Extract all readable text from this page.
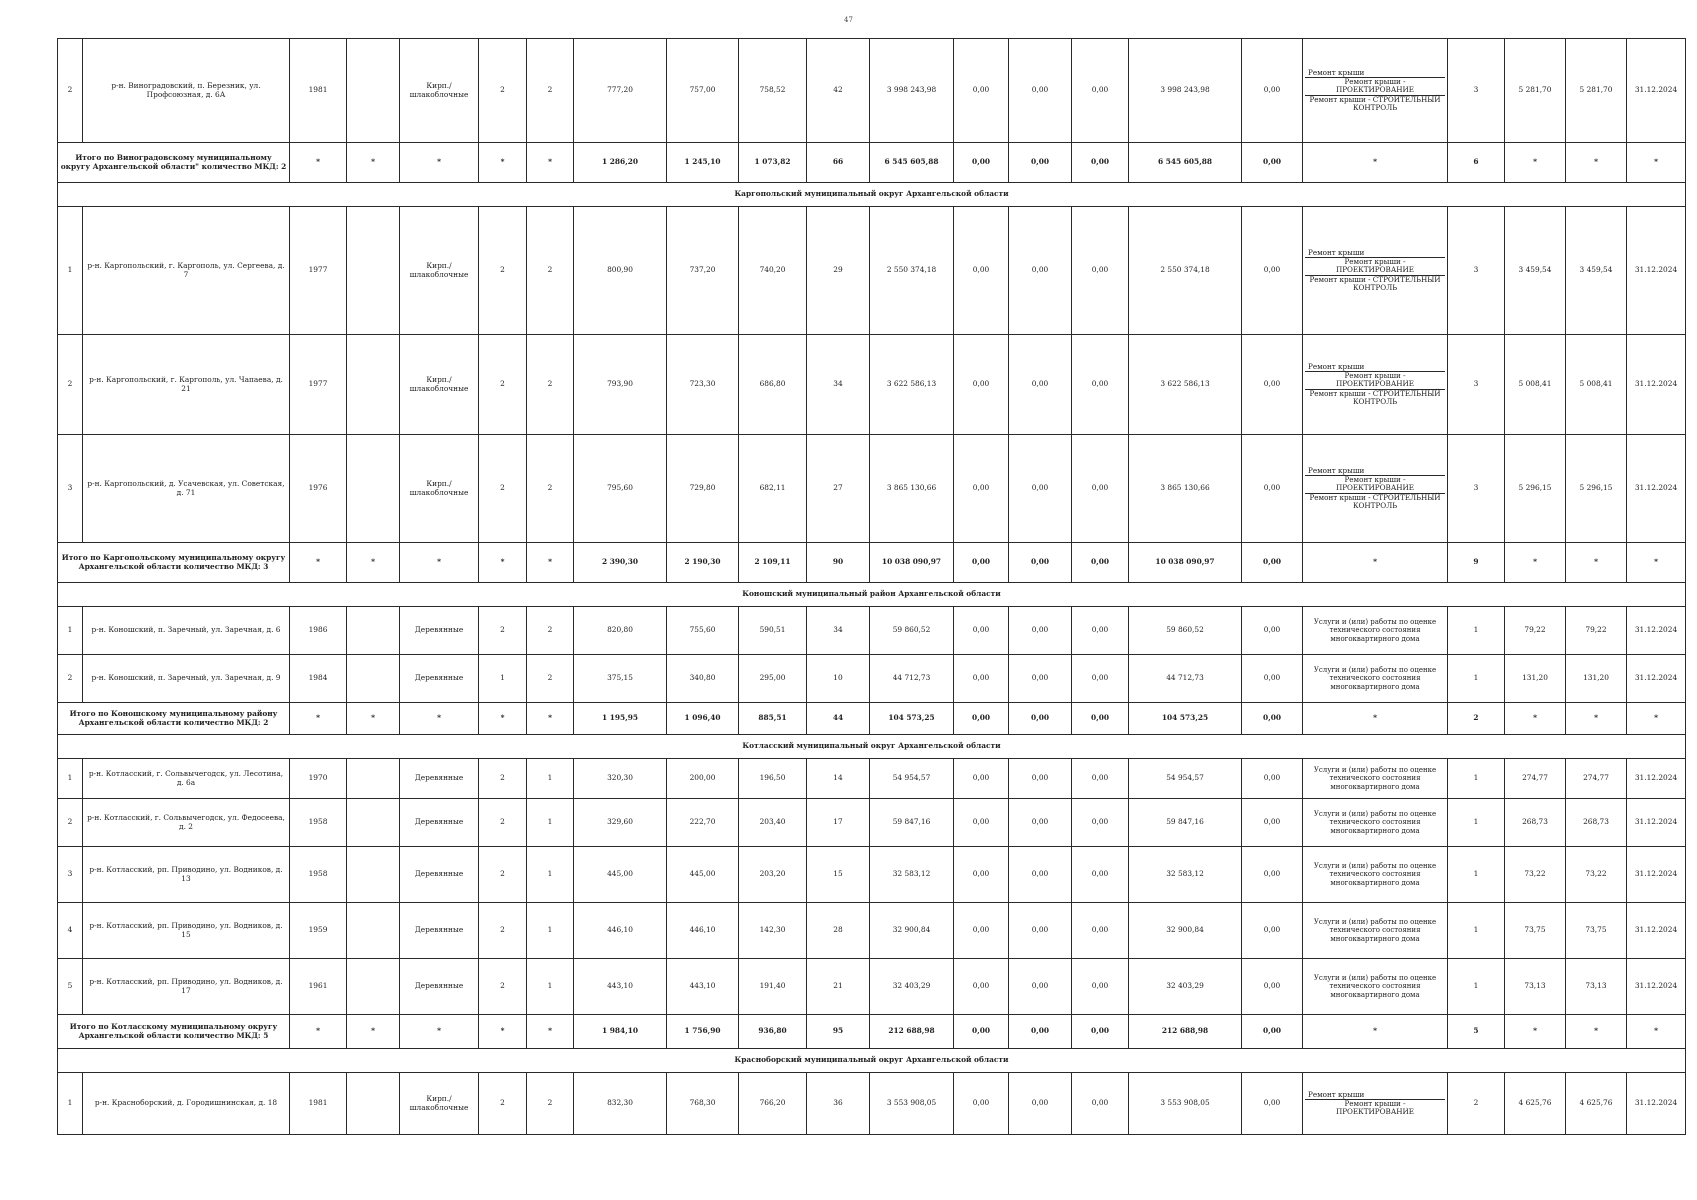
47
2	р-н. Виноградовский, п. Березник, ул. Профсоюзная, д. 6А	1981		Кирп./ шлакоблочные	2	2	777,20	757,00	758,52	42	3 998 243,98	0,00	0,00	0,00	3 998 243,98	0,00	Ремонт крыши
Ремонт крыши - ПРОЕКТИРОВАНИЕ
Ремонт крыши - СТРОИТЕЛЬНЫЙ КОНТРОЛЬ	3	5 281,70	5 281,70	31.12.2024
Итого по Виноградовскому муниципальному округу Архангельской области" количество МКД: 2		*	*	*	*	*	1 286,20	1 245,10	1 073,82	66	6 545 605,88	0,00	0,00	0,00	6 545 605,88	0,00	*	6	*	*	*
Каргопольский муниципальный округ Архангельской области																					
1	р-н. Каргопольский, г. Каргополь, ул. Сергеева, д. 7	1977		Кирп./ шлакоблочные	2	2	800,90	737,20	740,20	29	2 550 374,18	0,00	0,00	0,00	2 550 374,18	0,00	Ремонт крыши
Ремонт крыши - ПРОЕКТИРОВАНИЕ
Ремонт крыши - СТРОИТЕЛЬНЫЙ КОНТРОЛЬ	3	3 459,54	3 459,54	31.12.2024
2	р-н. Каргопольский, г. Каргополь, ул. Чапаева, д. 21	1977		Кирп./ шлакоблочные	2	2	793,90	723,30	686,80	34	3 622 586,13	0,00	0,00	0,00	3 622 586,13	0,00	Ремонт крыши
Ремонт крыши - ПРОЕКТИРОВАНИЕ
Ремонт крыши - СТРОИТЕЛЬНЫЙ КОНТРОЛЬ	3	5 008,41	5 008,41	31.12.2024
3	р-н. Каргопольский, д. Усачевская, ул. Советская, д. 71	1976		Кирп./ шлакоблочные	2	2	795,60	729,80	682,11	27	3 865 130,66	0,00	0,00	0,00	3 865 130,66	0,00	Ремонт крыши
Ремонт крыши - ПРОЕКТИРОВАНИЕ
Ремонт крыши - СТРОИТЕЛЬНЫЙ КОНТРОЛЬ	3	5 296,15	5 296,15	31.12.2024
Итого по Каргопольскому муниципальному округу Архангельской области количество МКД: 3		*	*	*	*	*	2 390,30	2 190,30	2 109,11	90	10 038 090,97	0,00	0,00	0,00	10 038 090,97	0,00	*	9	*	*	*
Коношский муниципальный район Архангельской области																					
1	р-н. Коношский, п. Заречный, ул. Заречная, д. 6	1986		Деревянные	2	2	820,80	755,60	590,51	34	59 860,52	0,00	0,00	0,00	59 860,52	0,00	Услуги и (или) работы по оценке технического состояния многоквартирного дома	1	79,22	79,22	31.12.2024
2	р-н. Коношский, п. Заречный, ул. Заречная, д. 9	1984		Деревянные	1	2	375,15	340,80	295,00	10	44 712,73	0,00	0,00	0,00	44 712,73	0,00	Услуги и (или) работы по оценке технического состояния многоквартирного дома	1	131,20	131,20	31.12.2024
Итого по Коношскому муниципальному району Архангельской области количество МКД: 2		*	*	*	*	*	1 195,95	1 096,40	885,51	44	104 573,25	0,00	0,00	0,00	104 573,25	0,00	*	2	*	*	*
Котласский муниципальный округ Архангельской области																					
1	р-н. Котласский, г. Сольвычегодск, ул. Лесотина, д. 6а	1970		Деревянные	2	1	320,30	200,00	196,50	14	54 954,57	0,00	0,00	0,00	54 954,57	0,00	Услуги и (или) работы по оценке технического состояния многоквартирного дома	1	274,77	274,77	31.12.2024
2	р-н. Котласский, г. Сольвычегодск, ул. Федосеева, д. 2	1958		Деревянные	2	1	329,60	222,70	203,40	17	59 847,16	0,00	0,00	0,00	59 847,16	0,00	Услуги и (или) работы по оценке технического состояния многоквартирного дома	1	268,73	268,73	31.12.2024
3	р-н. Котласский, рп. Приводино, ул. Водников, д. 13	1958		Деревянные	2	1	445,00	445,00	203,20	15	32 583,12	0,00	0,00	0,00	32 583,12	0,00	Услуги и (или) работы по оценке технического состояния многоквартирного дома	1	73,22	73,22	31.12.2024
4	р-н. Котласский, рп. Приводино, ул. Водников, д. 15	1959		Деревянные	2	1	446,10	446,10	142,30	28	32 900,84	0,00	0,00	0,00	32 900,84	0,00	Услуги и (или) работы по оценке технического состояния многоквартирного дома	1	73,75	73,75	31.12.2024
5	р-н. Котласский, рп. Приводино, ул. Водников, д. 17	1961		Деревянные	2	1	443,10	443,10	191,40	21	32 403,29	0,00	0,00	0,00	32 403,29	0,00	Услуги и (или) работы по оценке технического состояния многоквартирного дома	1	73,13	73,13	31.12.2024
Итого по Котласскому муниципальному округу Архангельской области количество МКД: 5		*	*	*	*	*	1 984,10	1 756,90	936,80	95	212 688,98	0,00	0,00	0,00	212 688,98	0,00	*	5	*	*	*
Красноборский муниципальный округ Архангельской области																					
1	р-н. Красноборский, д. Городишнинская, д. 18	1981		Кирп./ шлакоблочные	2	2	832,30	768,30	766,20	36	3 553 908,05	0,00	0,00	0,00	3 553 908,05	0,00	Ремонт крыши
Ремонт крыши - ПРОЕКТИРОВАНИЕ	2	4 625,76	4 625,76	31.12.2024
